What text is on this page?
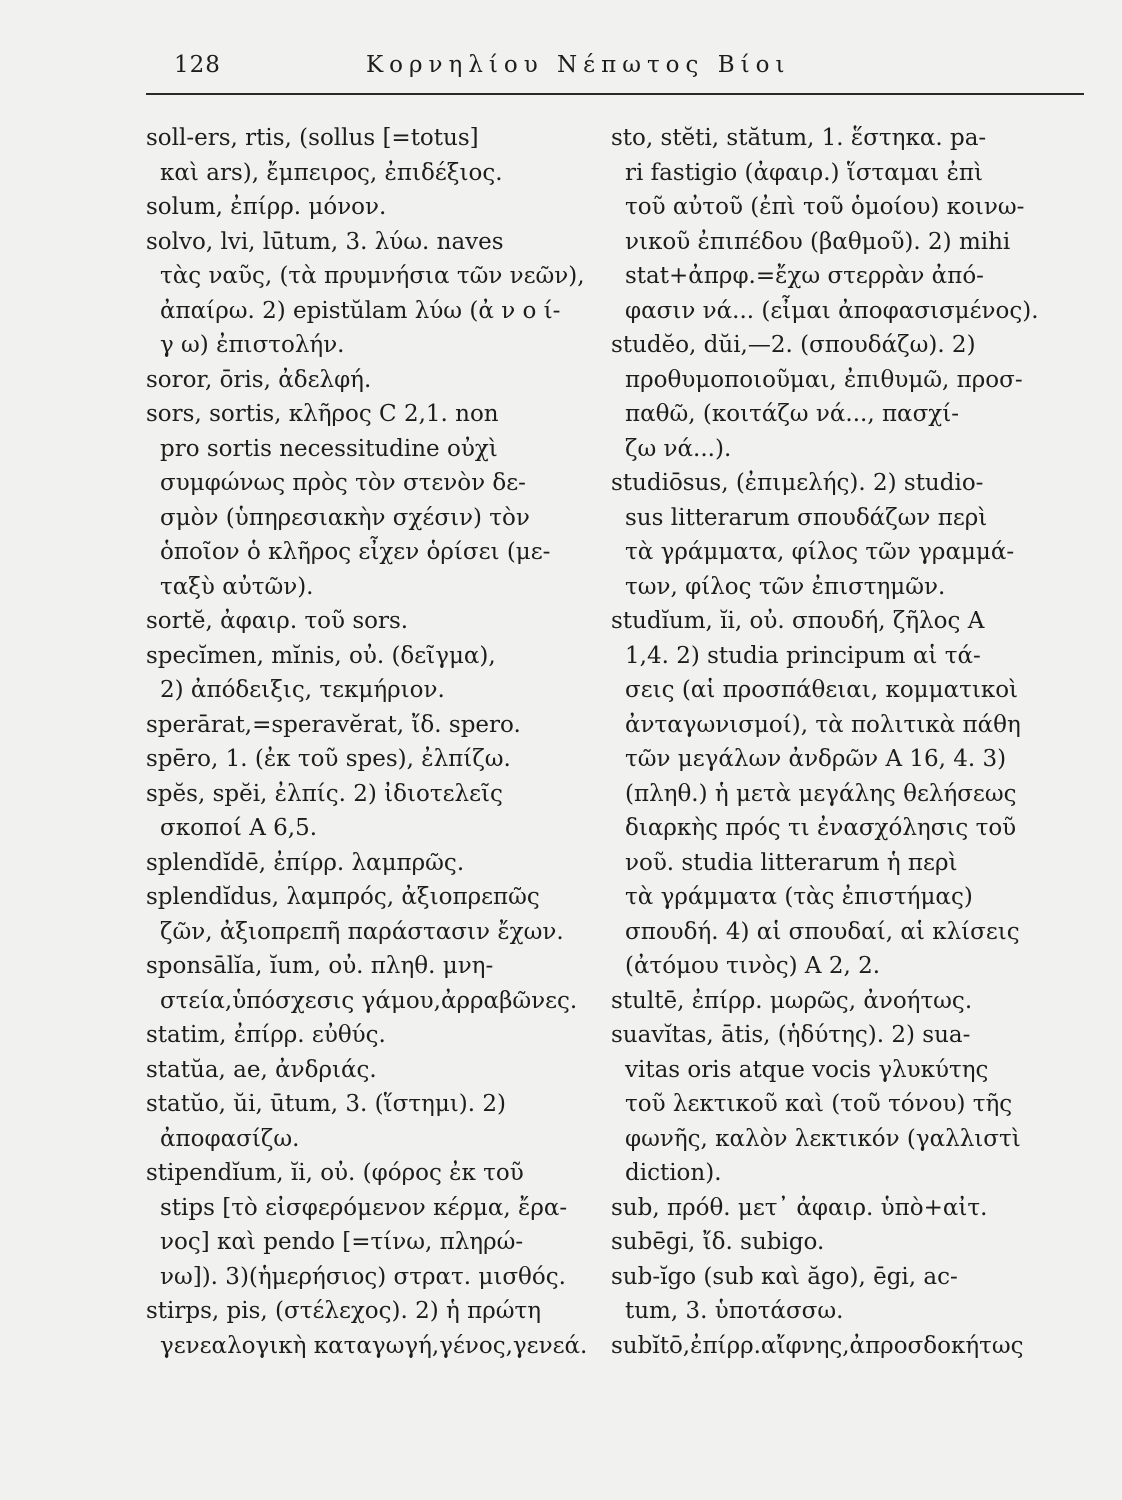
128	Κορνηλίου Νέπωτος Βίοι
soll-ers, rtis, (sollus [=totus]
καὶ ars), ἔμπειρος, ἐπιδέξιος.
solum, ἐπίρρ. μόνον.
solvo, lvi, lūtum, 3. λύω. naves
τὰς ναῦς, (τὰ πρυμνήσια τῶν νεῶν),
ἀπαίρω. 2) epistŭlam λύω (ἀ ν ο ί-
γ ω) ἐπιστολήν.
soror, ōris, ἀδελφή.
sors, sortis, κλῆρος C 2,1. non
pro sortis necessitudine οὐχὶ
συμφώνως πρὸς τὸν στενὸν δε-
σμὸν (ὑπηρεσιακὴν σχέσιν) τὸν
ὁποῖον ὁ κλῆρος εἶχεν ὁρίσει (με-
ταξὺ αὐτῶν).
sortĕ, ἀφαιρ. τοῦ sors.
specĭmen, mĭnis, οὐ. (δεῖγμα),
2) ἀπόδειξις, τεκμήριον.
sperārat,=speravĕrat, ἴδ. spero.
spēro, 1. (ἐκ τοῦ spes), ἐλπίζω.
spĕs, spĕi, ἐλπίς. 2) ἰδιοτελεῖς
σκοποί A 6,5.
splendĭdē, ἐπίρρ. λαμπρῶς.
splendĭdus, λαμπρός, ἀξιοπρεπῶς
ζῶν, ἀξιοπρεπῆ παράστασιν ἔχων.
sponsālĭa, ĭum, οὐ. πληθ. μνη-
στεία,ὑπόσχεσις γάμου,ἀρραβῶνες.
statim, ἐπίρρ. εὐθύς.
statŭa, ae, ἀνδριάς.
statŭo, ŭi, ūtum, 3. (ἵστημι). 2)
ἀποφασίζω.
stipendĭum, ĭi, οὐ. (φόρος ἐκ τοῦ
stips [τὸ εἰσφερόμενον κέρμα, ἔρα-
νος] καὶ pendo [=τίνω, πληρώ-
νω]). 3)(ἡμερήσιος) στρατ. μισθός.
stirps, pis, (στέλεχος). 2) ἡ πρώτη
γενεαλογικὴ καταγωγή,γένος,γενεά.
sto, stĕti, stătum, 1. ἕστηκα. pa-
ri fastigio (ἀφαιρ.) ἵσταμαι ἐπὶ
τοῦ αὐτοῦ (ἐπὶ τοῦ ὁμοίου) κοινω-
νικοῦ ἐπιπέδου (βαθμοῦ). 2) mihi
stat+ἀπρφ.=ἔχω στερρὰν ἀπό-
φασιν νά... (εἶμαι ἀποφασισμένος).
studĕo, dŭi,—2. (σπουδάζω). 2)
προθυμοποιοῦμαι, ἐπιθυμῶ, προσ-
παθῶ, (κοιτάζω νά..., πασχί-
ζω νά...).
studiōsus, (ἐπιμελής). 2) studio-
sus litterarum σπουδάζων περὶ
τὰ γράμματα, φίλος τῶν γραμμά-
των, φίλος τῶν ἐπιστημῶν.
studĭum, ĭi, οὐ. σπουδή, ζῆλος A
1,4. 2) studia principum αἱ τά-
σεις (αἱ προσπάθειαι, κομματικοὶ
ἀνταγωνισμοί), τὰ πολιτικὰ πάθη
τῶν μεγάλων ἀνδρῶν A 16, 4. 3)
(πληθ.) ἡ μετὰ μεγάλης θελήσεως
διαρκὴς πρός τι ἐνασχόλησις τοῦ
νοῦ. studia litterarum ἡ περὶ
τὰ γράμματα (τὰς ἐπιστήμας)
σπουδή. 4) αἱ σπουδαί, αἱ κλίσεις
(ἀτόμου τινὸς) A 2, 2.
stultē, ἐπίρρ. μωρῶς, ἀνοήτως.
suavĭtas, ātis, (ἡδύτης). 2) sua-
vitas oris atque vocis γλυκύτης
τοῦ λεκτικοῦ καὶ (τοῦ τόνου) τῆς
φωνῆς, καλὸν λεκτικόν (γαλλιστὶ
diction).
sub, πρόθ. μετ᾽ ἀφαιρ. ὑπὸ+αἰτ.
subēgi, ἴδ. subigo.
sub-ĭgo (sub καὶ ăgo), ēgi, ac-
tum, 3. ὑποτάσσω.
subĭtō,ἐπίρρ.αἴφνης,ἀπροσδοκήτως
